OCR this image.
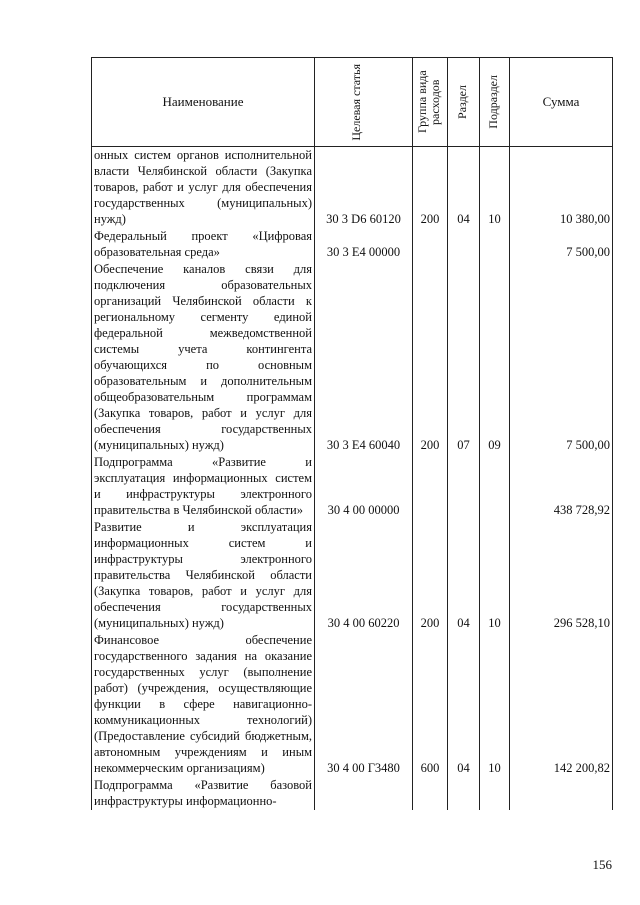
Наименование	Целевая статья	Группа вида расходов	Раздел	Подраздел	Сумма
онных систем органов исполнительной власти Челябинской области (Закупка товаров, работ и услуг для обеспечения государственных (муниципальных) нужд)	30 3 D6 60120	200	04	10	10 380,00
Федеральный проект «Цифровая образовательная среда»	30 3 E4 00000				7 500,00
Обеспечение каналов связи для подключения образовательных организаций Челябинской области к региональному сегменту единой федеральной межведомственной системы учета контингента обучающихся по основным образовательным и дополнительным общеобразовательным программам (Закупка товаров, работ и услуг для обеспечения государственных (муниципальных) нужд)	30 3 E4 60040	200	07	09	7 500,00
Подпрограмма «Развитие и эксплуатация информационных систем и инфраструктуры электронного правительства в Челябинской области»	30 4 00 00000				438 728,92
Развитие и эксплуатация информационных систем и инфраструктуры электронного правительства Челябинской области (Закупка товаров, работ и услуг для обеспечения государственных (муниципальных) нужд)	30 4 00 60220	200	04	10	296 528,10
Финансовое обеспечение государственного задания на оказание государственных услуг (выполнение работ) (учреждения, осуществляющие функции в сфере навигационно-коммуникационных технологий) (Предоставление субсидий бюджетным, автономным учреждениям и иным некоммерческим организациям)	30 4 00 Г3480	600	04	10	142 200,82
Подпрограмма «Развитие базовой инфраструктуры информационно-					
156
